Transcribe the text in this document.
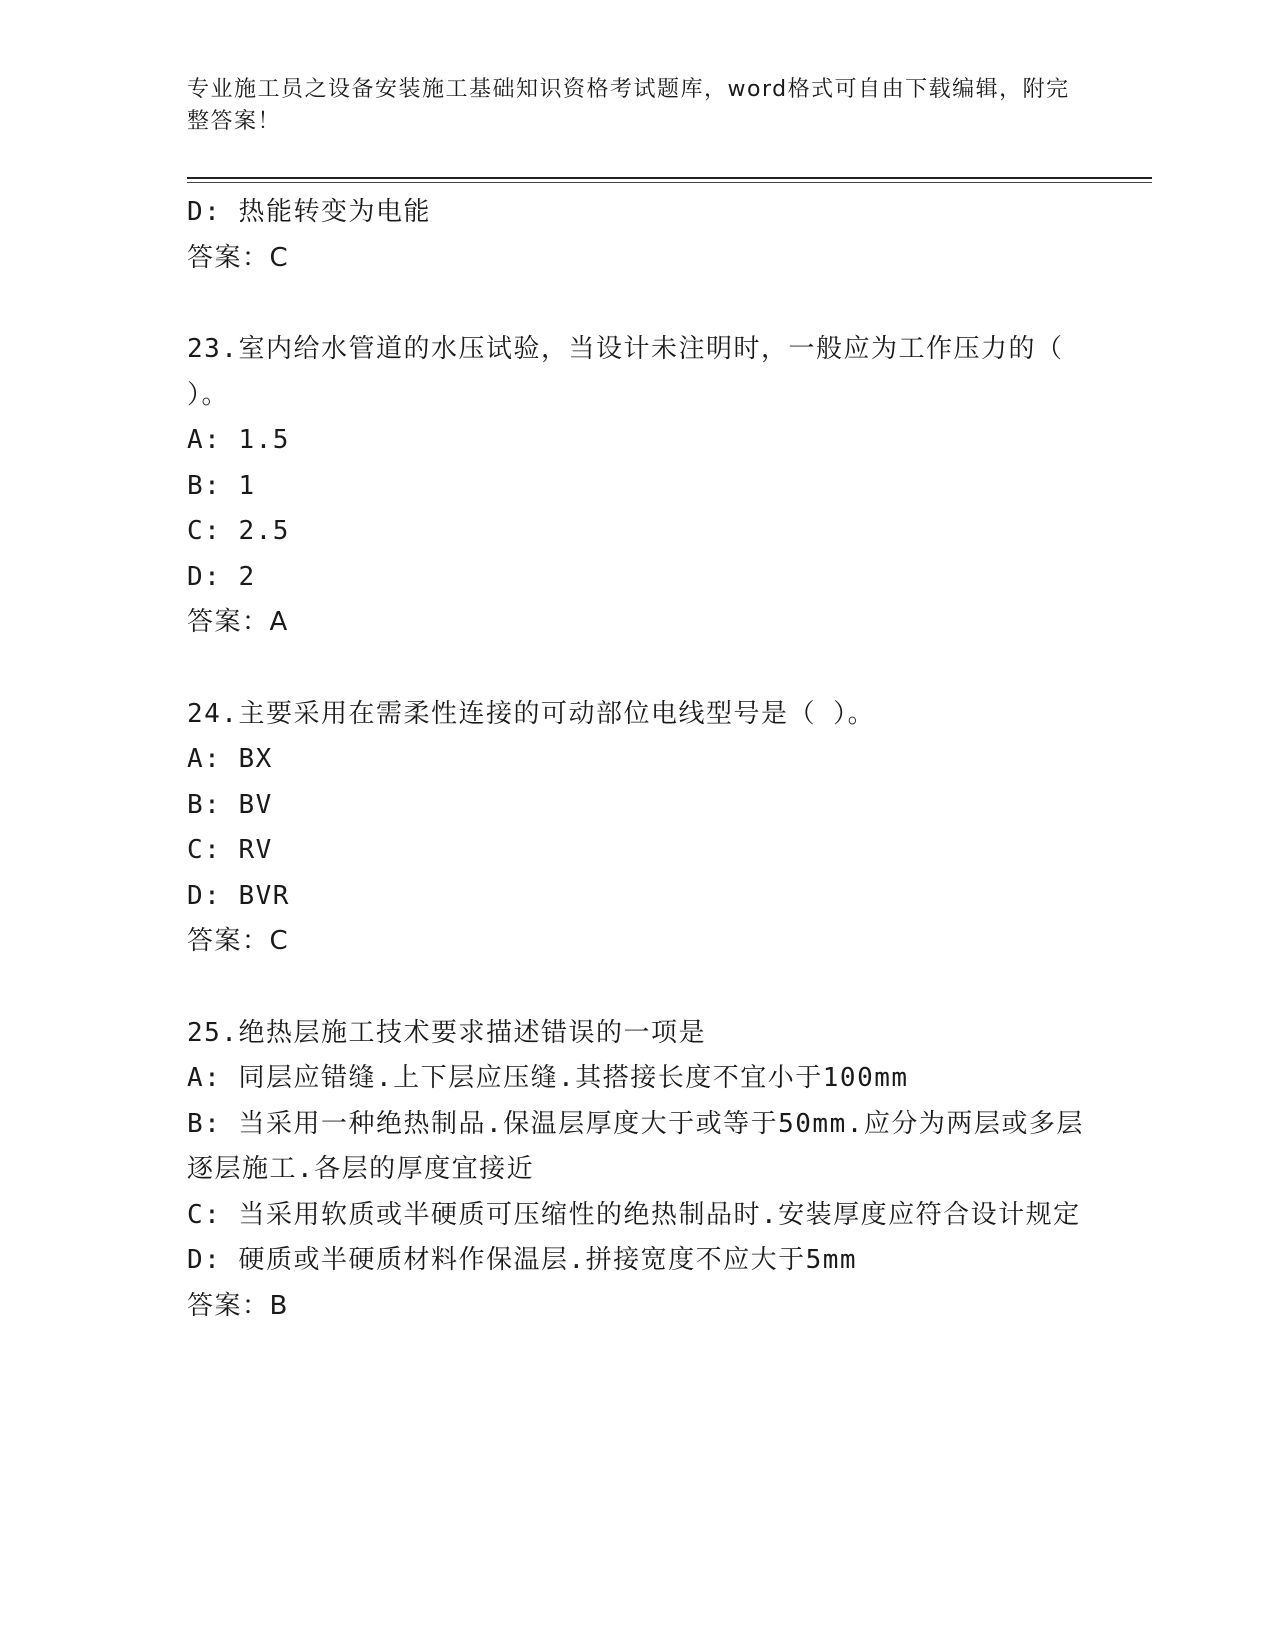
专业施工员之设备安装施工基础知识资格考试题库，word格式可自由下载编辑，附完整答案！
D: 热能转变为电能
答案：C
23.室内给水管道的水压试验，当设计未注明时，一般应为工作压力的（ ）。
A: 1.5
B: 1
C: 2.5
D: 2
答案：A
24.主要采用在需柔性连接的可动部位电线型号是（ ）。
A: BX
B: BV
C: RV
D: BVR
答案：C
25.绝热层施工技术要求描述错误的一项是
A: 同层应错缝.上下层应压缝.其搭接长度不宜小于100mm
B: 当采用一种绝热制品.保温层厚度大于或等于50mm.应分为两层或多层逐层施工.各层的厚度宜接近
C: 当采用软质或半硬质可压缩性的绝热制品时.安装厚度应符合设计规定
D: 硬质或半硬质材料作保温层.拼接宽度不应大于5mm
答案：B
